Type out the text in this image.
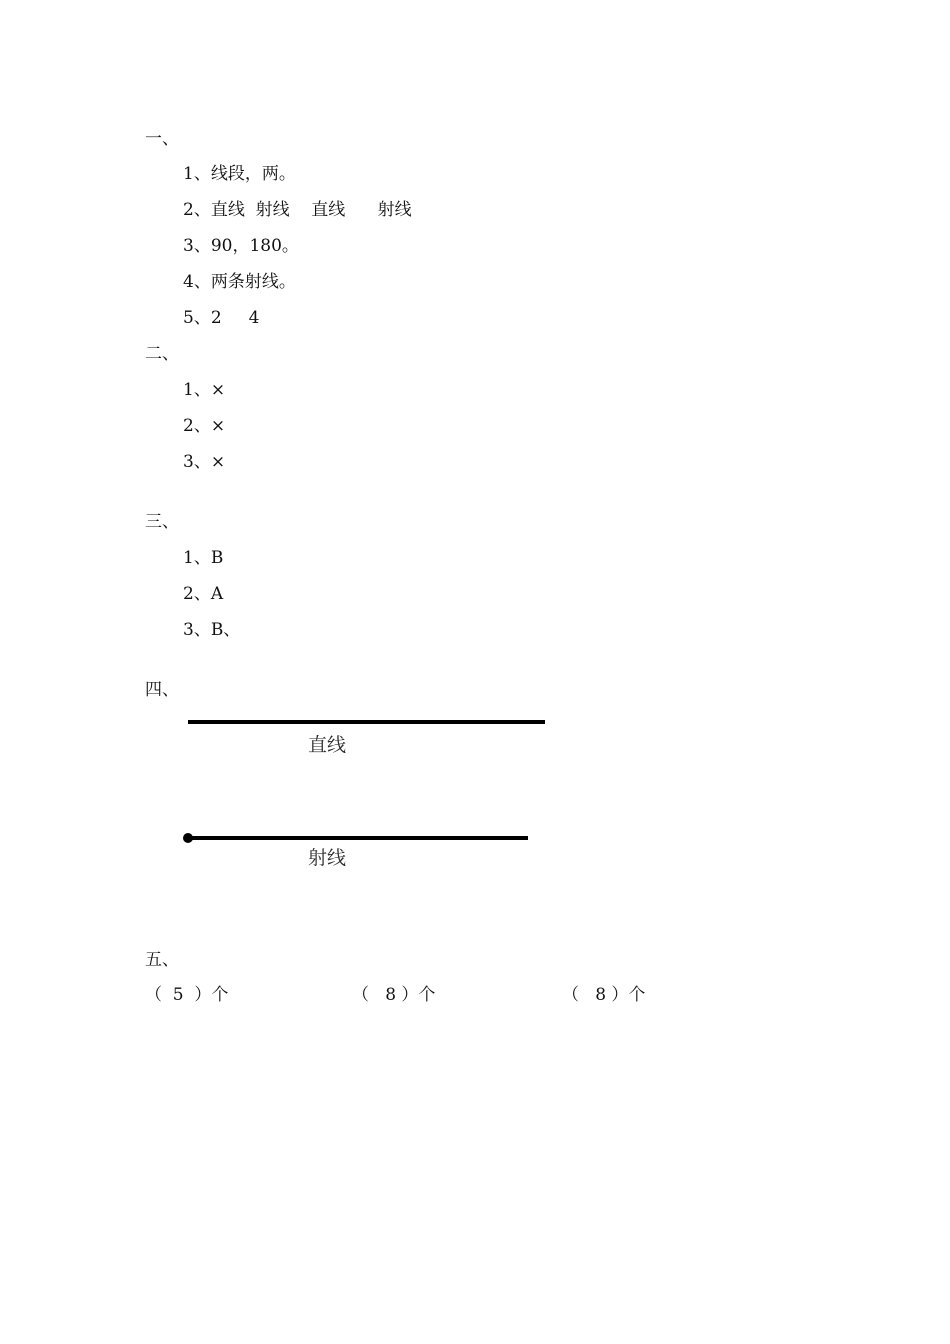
一、
1、线段，两。
2、直线  射线    直线      射线
3、90，180。
4、两条射线。
5、2     4
二、
1、×
2、×
3、×
三、
1、B
2、A
3、B、
四、
直线
射线
五、
（  5  ）个	（   8 ）个	（   8 ）个
